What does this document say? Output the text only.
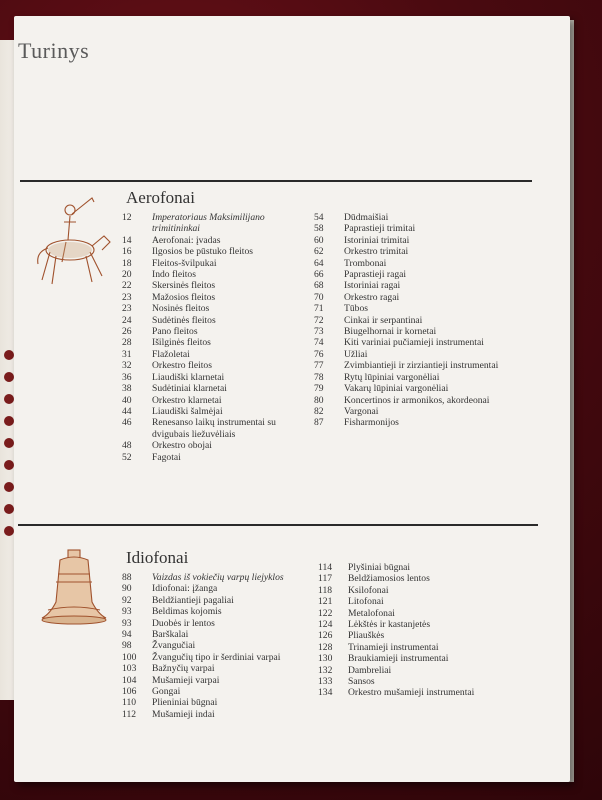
Turinys
Aerofonai
12	Imperatoriaus Maksimilijano trimitininkai
14	Aerofonai: įvadas
16	Ilgosios be pūstuko fleitos
18	Fleitos-švilpukai
20	Indo fleitos
22	Skersinės fleitos
23	Mažosios fleitos
23	Nosinės fleitos
24	Sudėtinės fleitos
26	Pano fleitos
28	Išilginės fleitos
31	Flažoletai
32	Orkestro fleitos
36	Liaudiški klarnetai
38	Sudėtiniai klarnetai
40	Orkestro klarnetai
44	Liaudiški šalmėjai
46	Renesanso laikų instrumentai su dvigubais liežuvėliais
48	Orkestro obojai
52	Fagotai
54	Dūdmaišiai
58	Paprastieji trimitai
60	Istoriniai trimitai
62	Orkestro trimitai
64	Trombonai
66	Paprastieji ragai
68	Istoriniai ragai
70	Orkestro ragai
71	Tūbos
72	Cinkai ir serpantinai
73	Biugelhornai ir kornetai
74	Kiti variniai pučiamieji instrumentai
76	Užliai
77	Zvimbiantieji ir zirziantieji instrumentai
78	Rytų lūpiniai vargonėliai
79	Vakarų lūpiniai vargonėliai
80	Koncertinos ir armonikos, akordeonai
82	Vargonai
87	Fisharmonijos
Idiofonai
88	Vaizdas iš vokiečių varpų liejyklos
90	Idiofonai: įžanga
92	Beldžiantieji pagaliai
93	Beldimas kojomis
93	Duobės ir lentos
94	Barškalai
98	Žvangučiai
100	Žvangučių tipo ir šerdiniai varpai
103	Bažnyčių varpai
104	Mušamieji varpai
106	Gongai
110	Plieniniai būgnai
112	Mušamieji indai
114	Plyšiniai būgnai
117	Beldžiamosios lentos
118	Ksilofonai
121	Litofonai
122	Metalofonai
124	Lėkštės ir kastanjetės
126	Pliauškės
128	Trinamieji instrumentai
130	Braukiamieji instrumentai
132	Dambreliai
133	Sansos
134	Orkestro mušamieji instrumentai
